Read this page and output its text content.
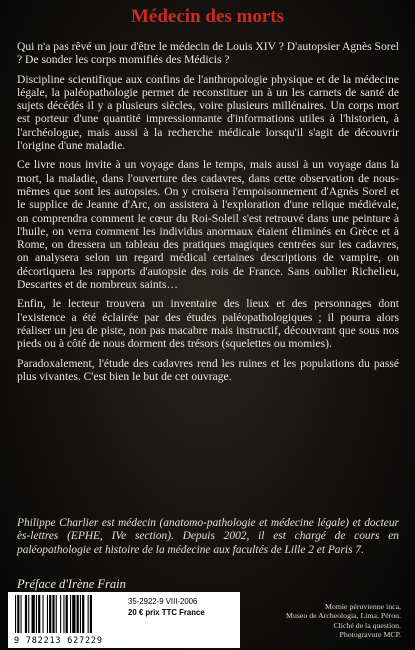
Médecin des morts

Qui n'a pas rêvé un jour d'être le médecin de Louis XIV ? D'autopsier Agnès Sorel ? De sonder les corps momifiés des Médicis ?

Discipline scientifique aux confins de l'anthropologie physique et de la médecine légale, la paléopathologie permet de reconstituer un à un les carnets de santé de sujets décédés il y a plusieurs siècles, voire plusieurs millénaires. Un corps mort est porteur d'une quantité impressionnante d'informations utiles à l'historien, à l'archéologue, mais aussi à la recherche médicale lorsqu'il s'agit de découvrir l'origine d'une maladie.

Ce livre nous invite à un voyage dans le temps, mais aussi à un voyage dans la mort, la maladie, dans l'ouverture des cadavres, dans cette observation de nous-mêmes que sont les autopsies. On y croisera l'empoisonnement d'Agnès Sorel et le supplice de Jeanne d'Arc, on assistera à l'exploration d'une relique médiévale, on comprendra comment le cœur du Roi-Soleil s'est retrouvé dans une peinture à l'huile, on verra comment les individus anormaux étaient éliminés en Grèce et à Rome, on dressera un tableau des pratiques magiques centrées sur les cadavres, on analysera selon un regard médical certaines descriptions de vampire, on décortiquera les rapports d'autopsie des rois de France. Sans oublier Richelieu, Descartes et de nombreux saints…

Enfin, le lecteur trouvera un inventaire des lieux et des personnages dont l'existence a été éclairée par des études paléopathologiques ; il pourra alors réaliser un jeu de piste, non pas macabre mais instructif, découvrant que sous nos pieds ou à côté de nous dorment des trésors (squelettes ou momies).

Paradoxalement, l'étude des cadavres rend les ruines et les populations du passé plus vivantes. C'est bien le but de cet ouvrage.

Philippe Charlier est médecin (anatomo-pathologie et médecine légale) et docteur ès-lettres (EPHE, IVe section). Depuis 2002, il est chargé de cours en paléopathologie et histoire de la médecine aux facultés de Lille 2 et Paris 7.

Préface d'Irène Frain

9 782213 627229
35-2922-9 VIII-2006
20 € prix TTC France
Momie péruvienne inca,
Museo de Archeologia, Lima, Pérou.
Cliché de la question.
Photogravure MCP.
